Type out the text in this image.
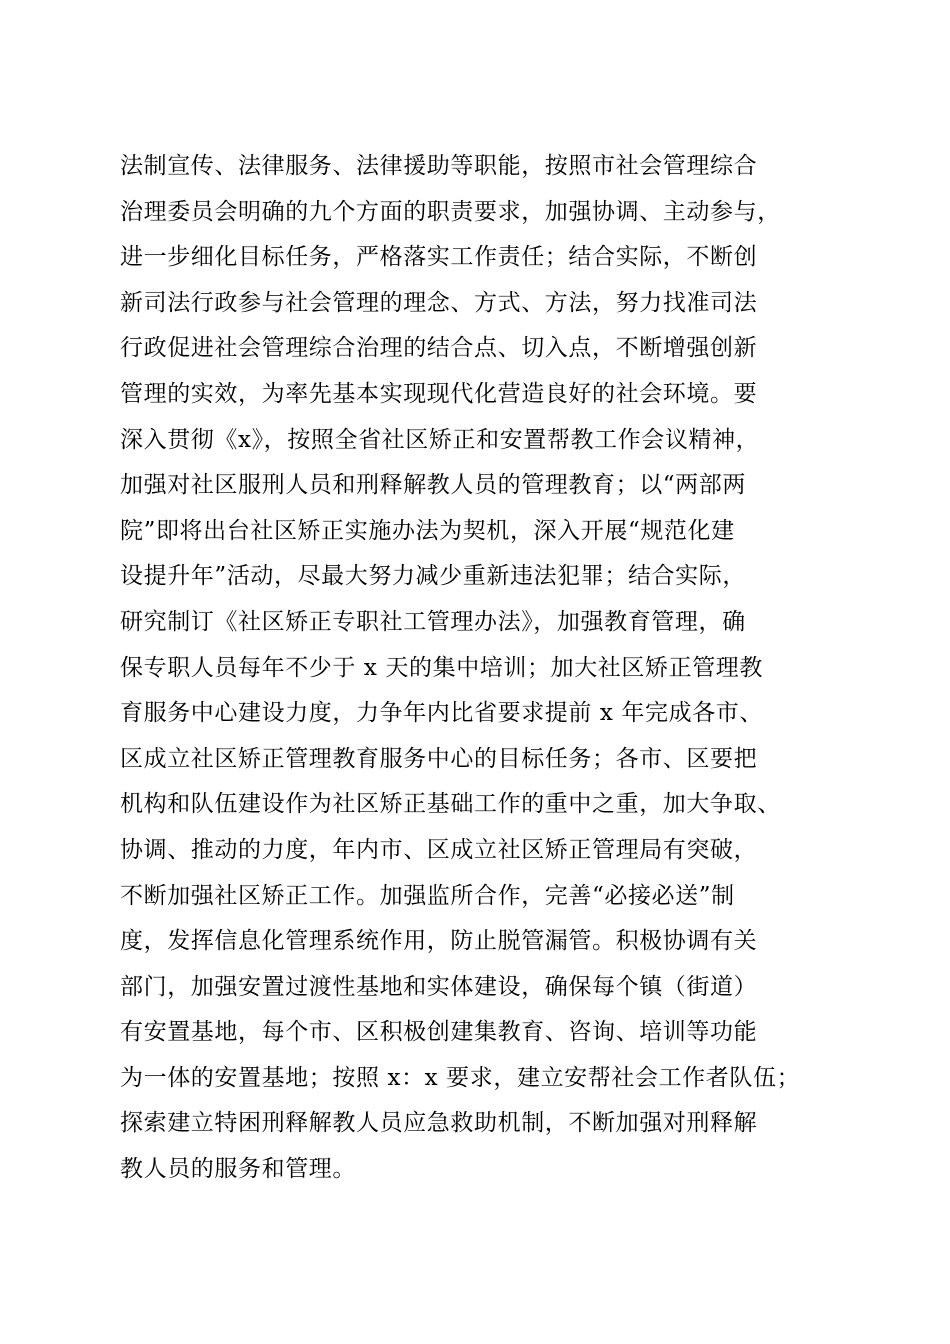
法制宣传、法律服务、法律援助等职能，按照市社会管理综合
治理委员会明确的九个方面的职责要求，加强协调、主动参与，
进一步细化目标任务，严格落实工作责任；结合实际，不断创
新司法行政参与社会管理的理念、方式、方法，努力找准司法
行政促进社会管理综合治理的结合点、切入点，不断增强创新
管理的实效，为率先基本实现现代化营造良好的社会环境。要
深入贯彻《x》，按照全省社区矫正和安置帮教工作会议精神，
加强对社区服刑人员和刑释解教人员的管理教育；以“两部两
院”即将出台社区矫正实施办法为契机，深入开展“规范化建
设提升年”活动，尽最大努力减少重新违法犯罪；结合实际，
研究制订《社区矫正专职社工管理办法》，加强教育管理，确
保专职人员每年不少于 x 天的集中培训；加大社区矫正管理教
育服务中心建设力度，力争年内比省要求提前 x 年完成各市、
区成立社区矫正管理教育服务中心的目标任务；各市、区要把
机构和队伍建设作为社区矫正基础工作的重中之重，加大争取、
协调、推动的力度，年内市、区成立社区矫正管理局有突破，
不断加强社区矫正工作。加强监所合作，完善“必接必送”制
度，发挥信息化管理系统作用，防止脱管漏管。积极协调有关
部门，加强安置过渡性基地和实体建设，确保每个镇（街道）
有安置基地，每个市、区积极创建集教育、咨询、培训等功能
为一体的安置基地；按照 x：x 要求，建立安帮社会工作者队伍；
探索建立特困刑释解教人员应急救助机制，不断加强对刑释解
教人员的服务和管理。
